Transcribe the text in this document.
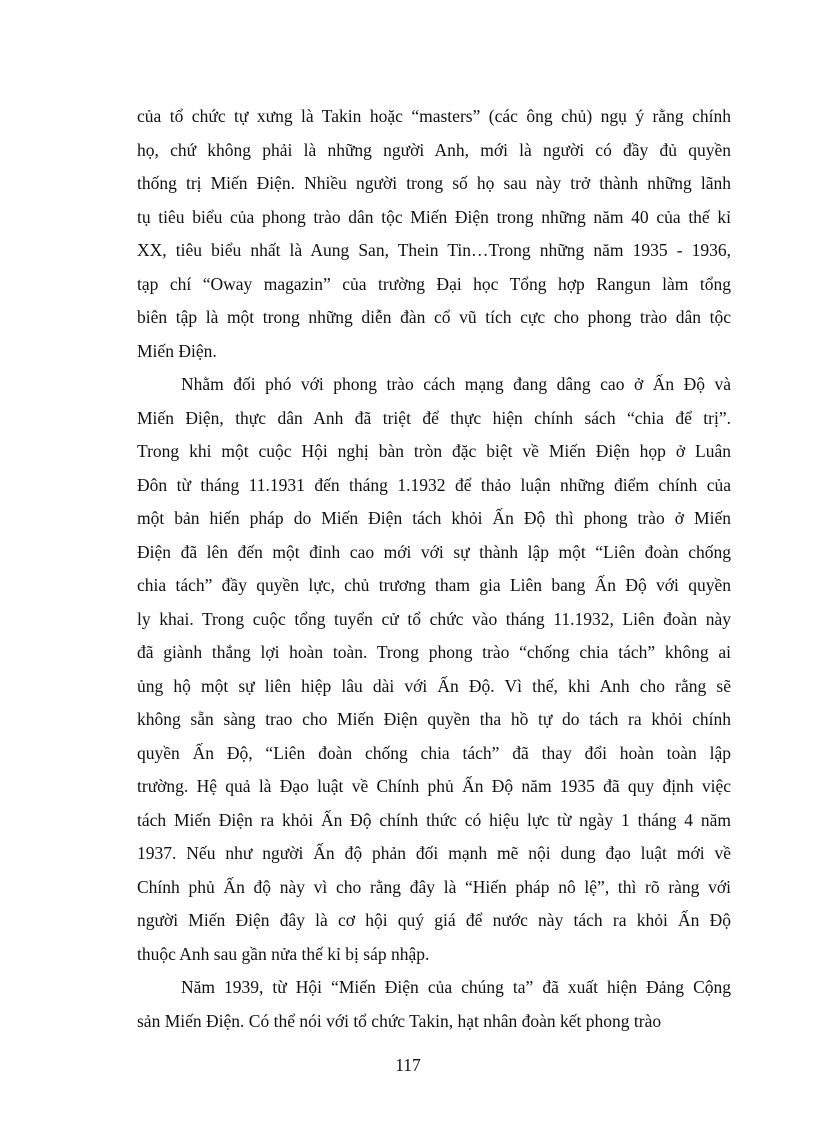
của tổ chức tự xưng là Takin hoặc “masters” (các ông chủ) ngụ ý rằng chính
họ, chứ không phải là những người Anh, mới là người có đầy đủ quyền
thống trị Miến Điện. Nhiều người trong số họ sau này trở thành những lãnh
tụ tiêu biểu của phong trào dân tộc Miến Điện trong những năm 40 của thế kỉ
XX, tiêu biểu nhất là Aung San, Thein Tin…Trong những năm 1935 - 1936,
tạp chí “Oway magazin” của trường Đại học Tổng hợp Rangun làm tổng
biên tập là một trong những diễn đàn cổ vũ tích cực cho phong trào dân tộc
Miến Điện.
Nhằm đối phó với phong trào cách mạng đang dâng cao ở Ấn Độ và
Miến Điện, thực dân Anh đã triệt để thực hiện chính sách “chia để trị”.
Trong khi một cuộc Hội nghị bàn tròn đặc biệt về Miến Điện họp ở Luân
Đôn từ tháng 11.1931 đến tháng 1.1932 để thảo luận những điểm chính của
một bản hiến pháp do Miến Điện tách khỏi Ấn Độ thì phong trào ở Miến
Điện đã lên đến một đỉnh cao mới với sự thành lập một “Liên đoàn chống
chia tách” đầy quyền lực, chủ trương tham gia Liên bang Ấn Độ với quyền
ly khai. Trong cuộc tổng tuyển cử tổ chức vào tháng 11.1932, Liên đoàn này
đã giành thắng lợi hoàn toàn. Trong phong trào “chống chia tách” không ai
ủng hộ một sự liên hiệp lâu dài với Ấn Độ. Vì thế, khi Anh cho rằng sẽ
không sẵn sàng trao cho Miến Điện quyền tha hồ tự do tách ra khỏi chính
quyền Ấn Độ, “Liên đoàn chống chia tách” đã thay đổi hoàn toàn lập
trường. Hệ quả là Đạo luật về Chính phủ Ấn Độ năm 1935 đã quy định việc
tách Miến Điện ra khỏi Ấn Độ chính thức có hiệu lực từ ngày 1 tháng 4 năm
1937. Nếu như người Ấn độ phản đối mạnh mẽ nội dung đạo luật mới về
Chính phủ Ấn độ này vì cho rằng đây là “Hiến pháp nô lệ”, thì rõ ràng với
người Miến Điện đây là cơ hội quý giá để nước này tách ra khỏi Ấn Độ
thuộc Anh sau gần nửa thế kỉ bị sáp nhập.
Năm 1939, từ Hội “Miến Điện của chúng ta” đã xuất hiện Đảng Cộng
sản Miến Điện. Có thể nói với tổ chức Takin, hạt nhân đoàn kết phong trào
117
